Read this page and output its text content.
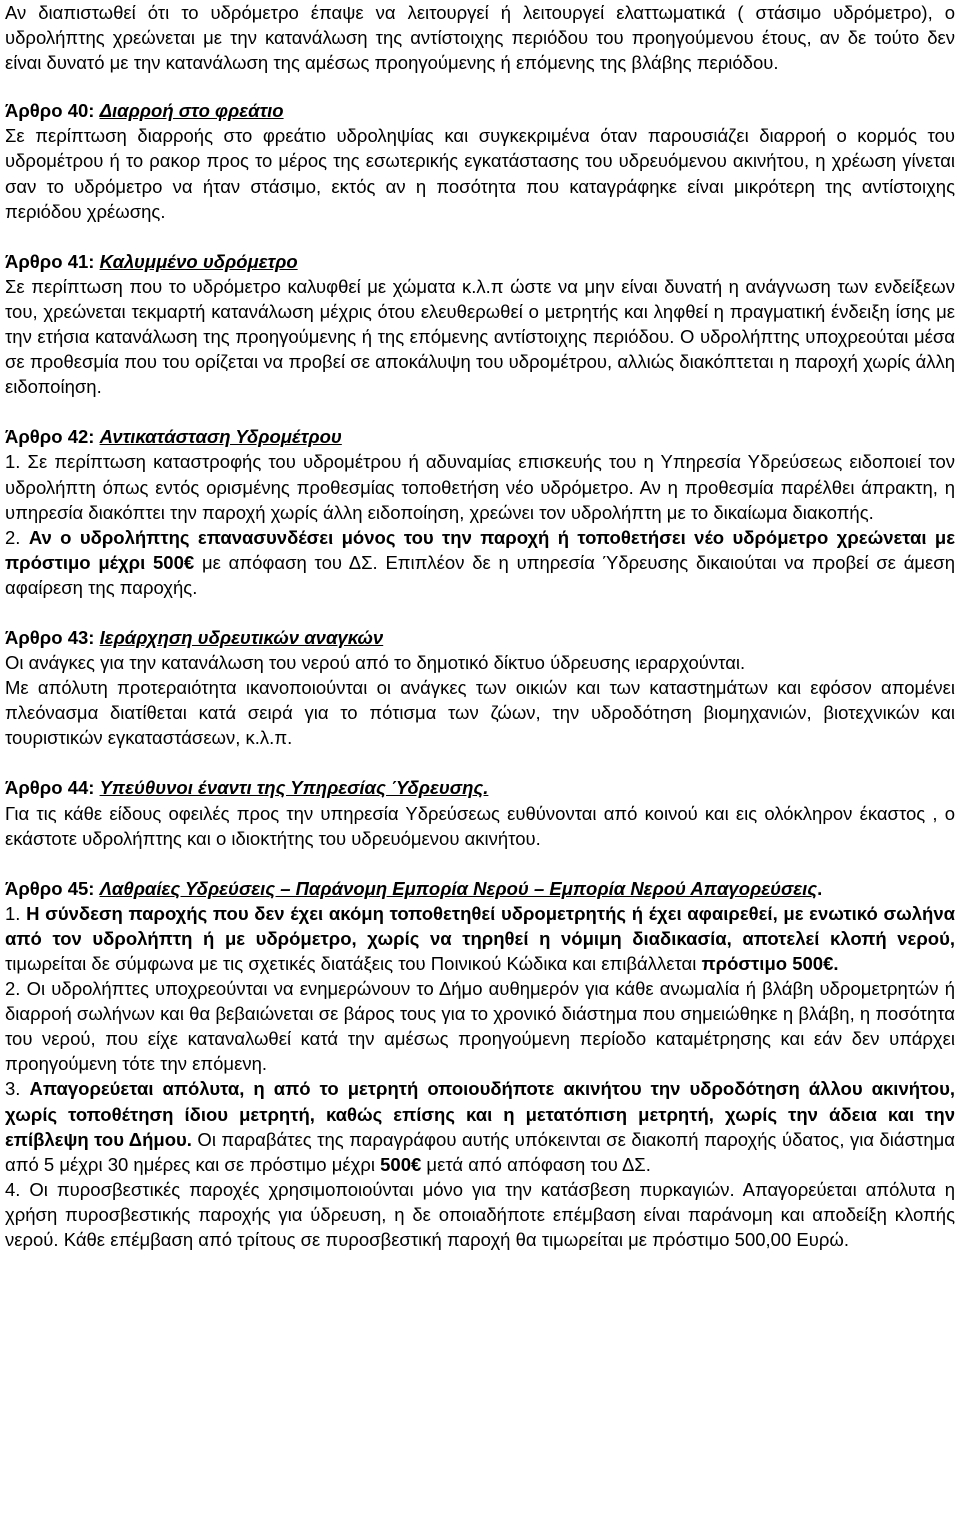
Αν διαπιστωθεί ότι το υδρόμετρο έπαψε να λειτουργεί ή λειτουργεί ελαττωματικά ( στάσιμο υδρόμετρο), ο υδρολήπτης χρεώνεται με την κατανάλωση της αντίστοιχης περιόδου του προηγούμενου έτους, αν δε τούτο δεν είναι δυνατό με την κατανάλωση της αμέσως προηγούμενης ή επόμενης της βλάβης περιόδου.

Άρθρο 40: Διαρροή στο φρεάτιο

Σε περίπτωση διαρροής στο φρεάτιο υδροληψίας και συγκεκριμένα όταν παρουσιάζει διαρροή ο κορμός του υδρομέτρου ή το ρακορ προς το μέρος της εσωτερικής εγκατάστασης του υδρευόμενου ακινήτου, η χρέωση γίνεται σαν το υδρόμετρο να ήταν στάσιμο, εκτός αν η ποσότητα που καταγράφηκε είναι μικρότερη της αντίστοιχης περιόδου χρέωσης.

Άρθρο 41: Καλυμμένο υδρόμετρο

Σε περίπτωση που το υδρόμετρο καλυφθεί με χώματα κ.λ.π ώστε να μην είναι δυνατή η ανάγνωση των ενδείξεων του, χρεώνεται τεκμαρτή κατανάλωση μέχρις ότου ελευθερωθεί ο μετρητής και ληφθεί η πραγματική ένδειξη ίσης με την ετήσια κατανάλωση της προηγούμενης ή της επόμενης αντίστοιχης περιόδου. Ο υδρολήπτης υποχρεούται μέσα σε προθεσμία που του ορίζεται να προβεί σε αποκάλυψη του υδρομέτρου, αλλιώς διακόπτεται η παροχή χωρίς άλλη ειδοποίηση.

Άρθρο 42: Αντικατάσταση Υδρομέτρου

1. Σε περίπτωση καταστροφής του υδρομέτρου ή αδυναμίας επισκευής του η Υπηρεσία Υδρεύσεως ειδοποιεί τον υδρολήπτη όπως εντός ορισμένης προθεσμίας τοποθετήση νέο υδρόμετρο. Αν η προθεσμία παρέλθει άπρακτη, η υπηρεσία διακόπτει την παροχή χωρίς άλλη ειδοποίηση, χρεώνει τον υδρολήπτη με το δικαίωμα διακοπής.

2. Αν ο υδρολήπτης επανασυνδέσει μόνος του την παροχή ή τοποθετήσει νέο υδρόμετρο χρεώνεται με πρόστιμο μέχρι 500€ με απόφαση του ΔΣ. Επιπλέον δε η υπηρεσία Ύδρευσης δικαιούται να προβεί σε άμεση αφαίρεση της παροχής.

Άρθρο 43: Ιεράρχηση υδρευτικών αναγκών

Οι ανάγκες για την κατανάλωση του νερού από το δημοτικό δίκτυο ύδρευσης ιεραρχούνται.

Με απόλυτη προτεραιότητα ικανοποιούνται οι ανάγκες των οικιών και των καταστημάτων και εφόσον απομένει πλεόνασμα διατίθεται κατά σειρά για το πότισμα των ζώων, την υδροδότηση βιομηχανιών, βιοτεχνικών και τουριστικών εγκαταστάσεων, κ.λ.π.

Άρθρο 44: Υπεύθυνοι έναντι της Υπηρεσίας Ύδρευσης.

Για τις κάθε είδους οφειλές προς την υπηρεσία Υδρεύσεως ευθύνονται από κοινού και εις ολόκληρον έκαστος , ο εκάστοτε υδρολήπτης και ο ιδιοκτήτης του υδρευόμενου ακινήτου.

Άρθρο 45: Λαθραίες Υδρεύσεις – Παράνομη Εμπορία Νερού – Εμπορία Νερού Απαγορεύσεις.

1. Η σύνδεση παροχής που δεν έχει ακόμη τοποθετηθεί υδρομετρητής ή έχει αφαιρεθεί, με ενωτικό σωλήνα από τον υδρολήπτη ή με υδρόμετρο, χωρίς να τηρηθεί η νόμιμη διαδικασία, αποτελεί κλοπή νερού, τιμωρείται δε σύμφωνα με τις σχετικές διατάξεις του Ποινικού Κώδικα και επιβάλλεται πρόστιμο 500€.

2. Οι υδρολήπτες υποχρεούνται να ενημερώνουν το Δήμο αυθημερόν για κάθε ανωμαλία ή βλάβη υδρομετρητών ή διαρροή σωλήνων και θα βεβαιώνεται σε βάρος τους για το χρονικό διάστημα που σημειώθηκε η βλάβη, η ποσότητα του νερού, που είχε καταναλωθεί κατά την αμέσως προηγούμενη περίοδο καταμέτρησης και εάν δεν υπάρχει προηγούμενη τότε την επόμενη.

3. Απαγορεύεται απόλυτα, η από το μετρητή οποιουδήποτε ακινήτου την υδροδότηση άλλου ακινήτου, χωρίς τοποθέτηση ίδιου μετρητή, καθώς επίσης και η μετατόπιση μετρητή, χωρίς την άδεια και την επίβλεψη του Δήμου. Οι παραβάτες της παραγράφου αυτής υπόκεινται σε διακοπή παροχής ύδατος, για διάστημα από 5 μέχρι 30 ημέρες και σε πρόστιμο μέχρι 500€ μετά από απόφαση του ΔΣ.

4. Οι πυροσβεστικές παροχές χρησιμοποιούνται μόνο για την κατάσβεση πυρκαγιών. Απαγορεύεται απόλυτα η χρήση πυροσβεστικής παροχής για ύδρευση, η δε οποιαδήποτε επέμβαση είναι παράνομη και αποδείξη κλοπής νερού. Κάθε επέμβαση από τρίτους σε πυροσβεστική παροχή θα τιμωρείται με πρόστιμο 500,00 Ευρώ.
